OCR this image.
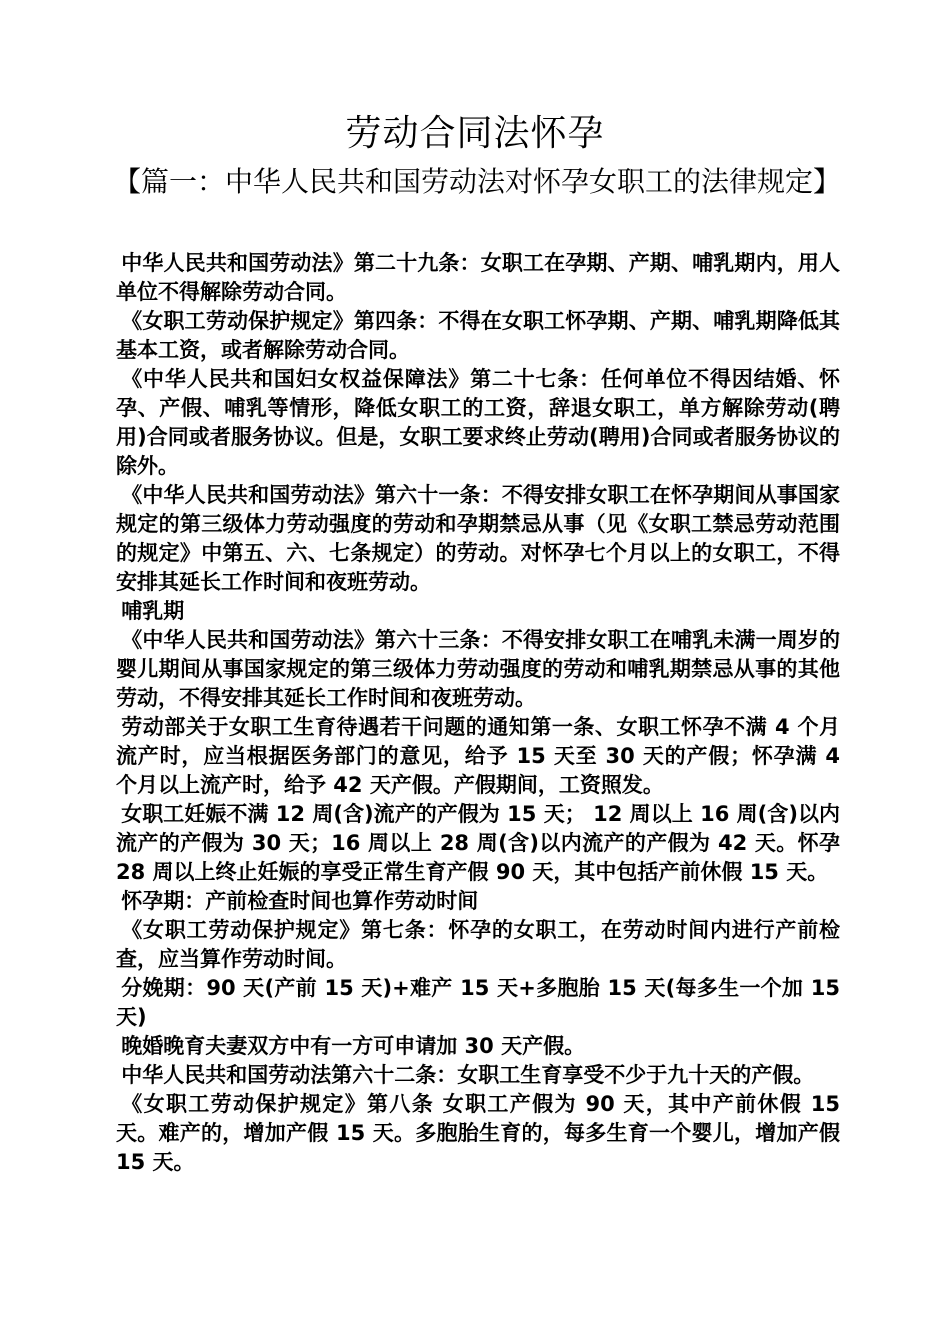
劳动合同法怀孕
【篇一：中华人民共和国劳动法对怀孕女职工的法律规定】

中华人民共和国劳动法》第二十九条：女职工在孕期、产期、哺乳期内，用人单位不得解除劳动合同。

《女职工劳动保护规定》第四条：不得在女职工怀孕期、产期、哺乳期降低其基本工资，或者解除劳动合同。

《中华人民共和国妇女权益保障法》第二十七条：任何单位不得因结婚、怀孕、产假、哺乳等情形，降低女职工的工资，辞退女职工，单方解除劳动(聘用)合同或者服务协议。但是，女职工要求终止劳动(聘用)合同或者服务协议的除外。

《中华人民共和国劳动法》第六十一条：不得安排女职工在怀孕期间从事国家规定的第三级体力劳动强度的劳动和孕期禁忌从事（见《女职工禁忌劳动范围的规定》中第五、六、七条规定）的劳动。对怀孕七个月以上的女职工，不得安排其延长工作时间和夜班劳动。

哺乳期

《中华人民共和国劳动法》第六十三条：不得安排女职工在哺乳未满一周岁的婴儿期间从事国家规定的第三级体力劳动强度的劳动和哺乳期禁忌从事的其他劳动，不得安排其延长工作时间和夜班劳动。

劳动部关于女职工生育待遇若干问题的通知第一条、女职工怀孕不满 4 个月流产时，应当根据医务部门的意见，给予 15 天至 30 天的产假；怀孕满 4 个月以上流产时，给予 42 天产假。产假期间，工资照发。

女职工妊娠不满 12 周(含)流产的产假为 15 天； 12 周以上 16 周(含)以内流产的产假为 30 天；16 周以上 28 周(含)以内流产的产假为 42 天。怀孕 28 周以上终止妊娠的享受正常生育产假 90 天，其中包括产前休假 15 天。

怀孕期：产前检查时间也算作劳动时间

《女职工劳动保护规定》第七条：怀孕的女职工，在劳动时间内进行产前检查，应当算作劳动时间。

分娩期：90 天(产前 15 天)+难产 15 天+多胞胎 15 天(每多生一个加 15 天)

晚婚晚育夫妻双方中有一方可申请加 30 天产假。

中华人民共和国劳动法第六十二条：女职工生育享受不少于九十天的产假。

《女职工劳动保护规定》第八条 女职工产假为 90 天，其中产前休假 15 天。难产的，增加产假 15 天。多胞胎生育的，每多生育一个婴儿，增加产假 15 天。
